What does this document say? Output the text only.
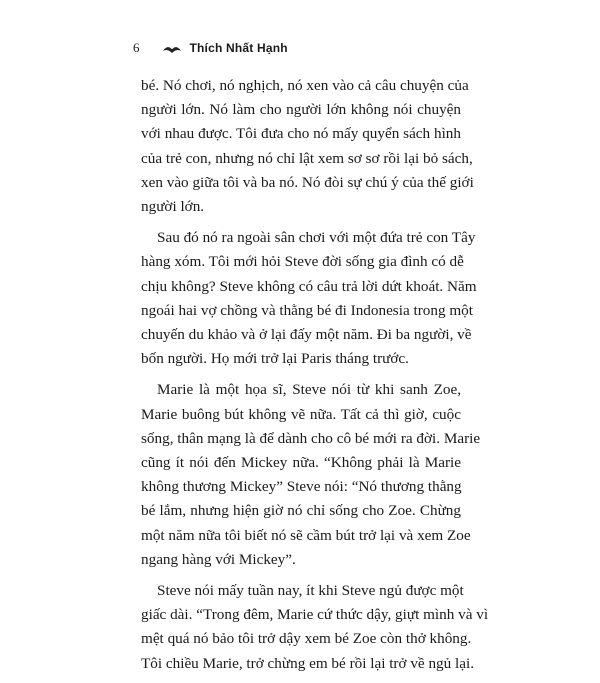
6	Thích Nhất Hạnh

bé. Nó chơi, nó nghịch, nó xen vào cả câu chuyện của
người lớn. Nó làm cho người lớn không nói chuyện
với nhau được. Tôi đưa cho nó mấy quyển sách hình
của trẻ con, nhưng nó chỉ lật xem sơ sơ rồi lại bỏ sách,
xen vào giữa tôi và ba nó. Nó đòi sự chú ý của thế giới
người lớn.

Sau đó nó ra ngoài sân chơi với một đứa trẻ con Tây
hàng xóm. Tôi mới hỏi Steve đời sống gia đình có dễ
chịu không? Steve không có câu trả lời dứt khoát. Năm
ngoái hai vợ chồng và thằng bé đi Indonesia trong một
chuyến du khảo và ở lại đấy một năm. Đi ba người, về
bốn người. Họ mới trở lại Paris tháng trước.

Marie là một họa sĩ, Steve nói từ khi sanh Zoe,
Marie buông bút không vẽ nữa. Tất cả thì giờ, cuộc
sống, thân mạng là để dành cho cô bé mới ra đời. Marie
cũng ít nói đến Mickey nữa. “Không phải là Marie
không thương Mickey” Steve nói: “Nó thương thằng
bé lắm, nhưng hiện giờ nó chỉ sống cho Zoe. Chừng
một năm nữa tôi biết nó sẽ cầm bút trở lại và xem Zoe
ngang hàng với Mickey”.

Steve nói mấy tuần nay, ít khi Steve ngủ được một
giấc dài. “Trong đêm, Marie cứ thức dậy, giựt mình và vì
mệt quá nó bảo tôi trở dậy xem bé Zoe còn thở không.
Tôi chiều Marie, trở chừng em bé rồi lại trở về ngủ lại.
